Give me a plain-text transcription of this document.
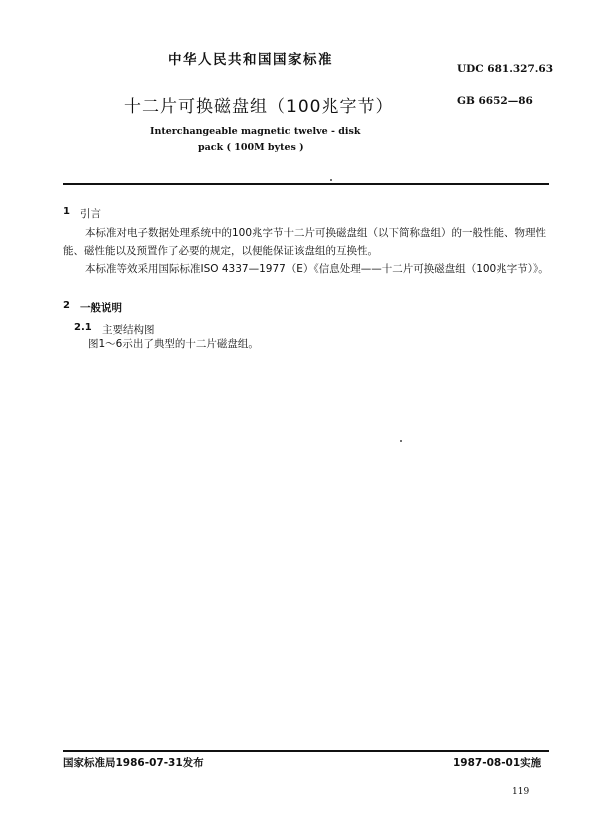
中华人民共和国国家标准
UDC 681.327.63
十二片可换磁盘组（100兆字节）	GB 6652—86
Interchangeable magnetic twelve - disk
pack ( 100M bytes )
1 引言
本标准对电子数据处理系统中的100兆字节十二片可换磁盘组（以下简称盘组）的一般性能、物理性能、磁性能以及预置作了必要的规定，以便能保证该盘组的互换性。
本标准等效采用国际标准ISO 4337—1977（E）《信息处理——十二片可换磁盘组（100兆字节）》。
2 一般说明
2.1 主要结构图
图1～6示出了典型的十二片磁盘组。
国家标准局1986-07-31发布	1987-08-01实施
119
